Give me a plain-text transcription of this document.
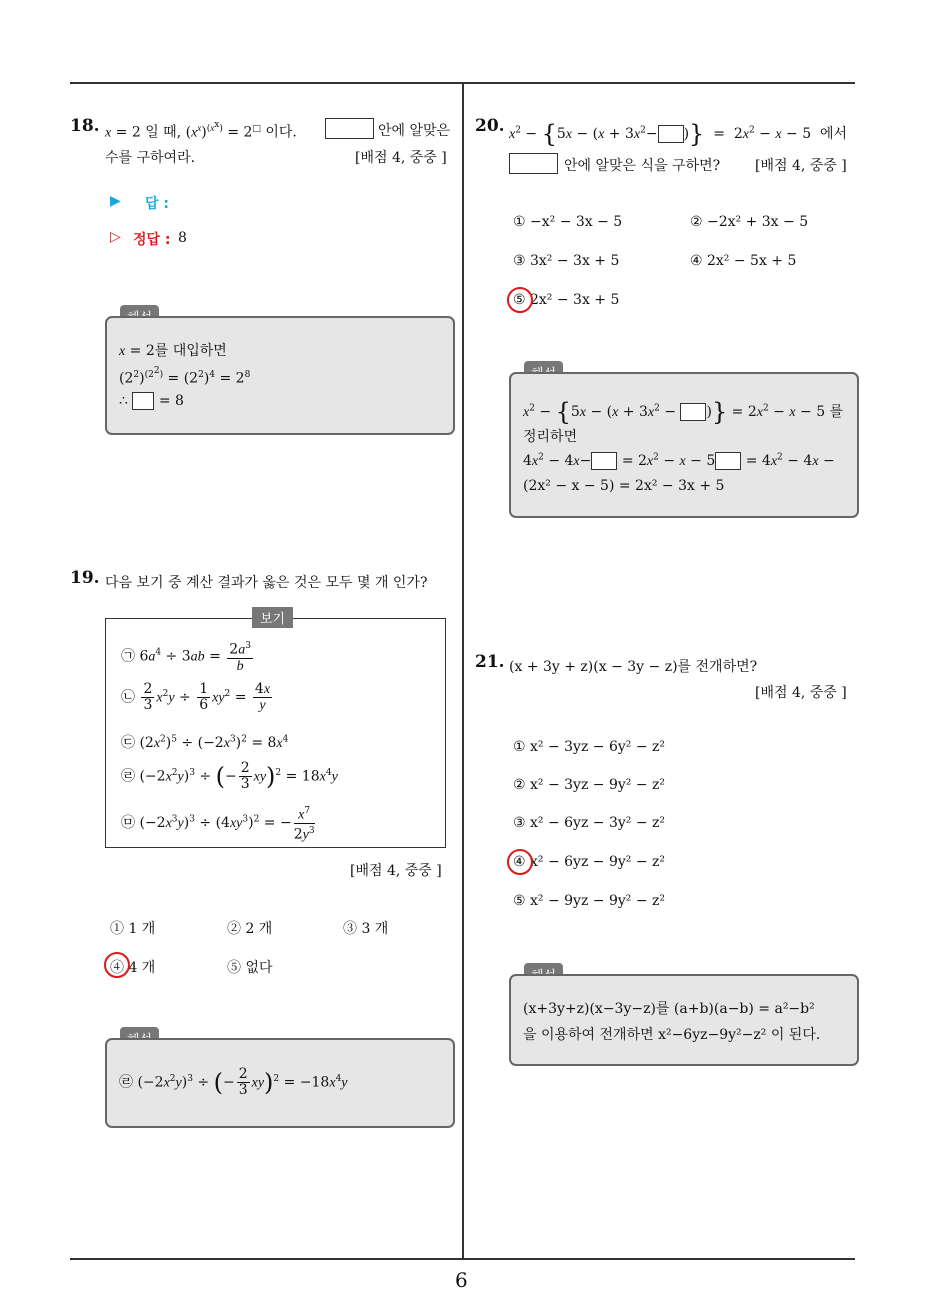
6
18. x = 2 일 때, $(x^x)^{(x^x)} = 2^□$ 이다.	안에 알맞은
수를 구하여라.	[배점 4, 중중 ]
▶ 답 :
▷ 정답 : 8
x = 2를 대입하면
$(2^2)^{(2^2)} = (2^2)^4 = 2^8$
∴  = 8
19. 다음 보기 중 계산 결과가 옳은 것은 모두 몇 개 인가?
㉠ $6a^4 \div 3ab = \frac{2a^3}{b}$
㉡ $\frac{2}{3} x^2y \div \frac{1}{6} xy^2 = \frac{4x}{y}$
㉢ $(2x^2)^5 \div (-2x^3)^2 = 8x^4$
㉣ $(-2x^2y)^3$ ÷ (− $\frac{2}{3} xy)^2 = 18x^4y$
㉤ $(-2x^3y)^3 \div (4xy^3)^2$ = − $\frac{x^7}{2y^3}$
보기
[배점 4, 중중 ]
① 1 개	② 2 개	③ 3 개
④ 4 개	⑤ 없다
㉣ $(-2x^2y)^3$ ÷ (− $\frac{2}{3} xy)^2 = -18x^4y$
20. $x^2 - \{5x - (x + 3x^2-$ )}  =  $2x^2 - x - 5$  에서
안에 알맞은 식을 구하면? [배점 4, 중중 ]
① −x² − 3x − 5	② −2x² + 3x − 5
③ 3x² − 3x + 5	④ 2x² − 5x + 5
⑤ 2x² − 3x + 5
$x^2 - \{5x - (x + 3x^2$ − )} = $2x^2 - x - 5$ 를
정리하면
$4x^2 - 4x- = 2x^2 - x - 5 = 4x^2 - 4x$ −
(2x² − x − 5) = 2x² − 3x + 5
21. (x + 3y + z)(x − 3y − z)를 전개하면?
[배점 4, 중중 ]
① x² − 3yz − 6y² − z²
② x² − 3yz − 9y² − z²
③ x² − 6yz − 3y² − z²
④ x² − 6yz − 9y² − z²
⑤ x² − 9yz − 9y² − z²
(x+3y+z)(x−3y−z)를 (a+b)(a−b) = a²−b²
을 이용하여 전개하면 x²−6yz−9y²−z² 이 된다.
